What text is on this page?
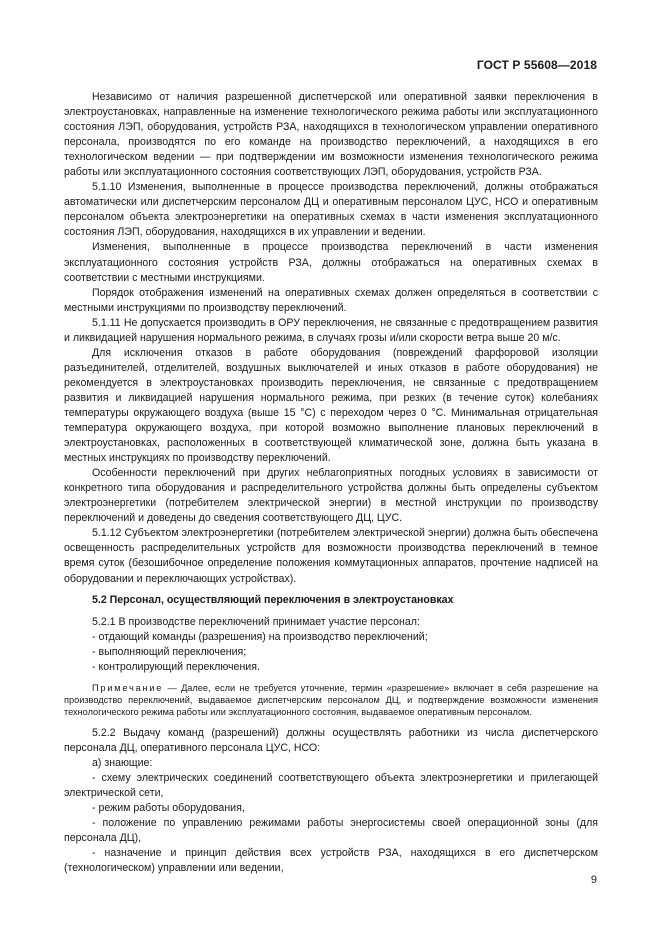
ГОСТ Р 55608—2018

Независимо от наличия разрешенной диспетчерской или оперативной заявки переключения в электроустановках, направленные на изменение технологического режима работы или эксплуатационного состояния ЛЭП, оборудования, устройств РЗА, находящихся в технологическом управлении оперативного персонала, производятся по его команде на производство переключений, а находящихся в его технологическом ведении — при подтверждении им возможности изменения технологического режима работы или эксплуатационного состояния соответствующих ЛЭП, оборудования, устройств РЗА.

5.1.10 Изменения, выполненные в процессе производства переключений, должны отображаться автоматически или диспетчерским персоналом ДЦ и оперативным персоналом ЦУС, НСО и оперативным персоналом объекта электроэнергетики на оперативных схемах в части изменения эксплуатационного состояния ЛЭП, оборудования, находящихся в их управлении и ведении.

Изменения, выполненные в процессе производства переключений в части изменения эксплуатационного состояния устройств РЗА, должны отображаться на оперативных схемах в соответствии с местными инструкциями.

Порядок отображения изменений на оперативных схемах должен определяться в соответствии с местными инструкциями по производству переключений.

5.1.11 Не допускается производить в ОРУ переключения, не связанные с предотвращением развития и ликвидацией нарушения нормального режима, в случаях грозы и/или скорости ветра выше 20 м/с.

Для исключения отказов в работе оборудования (повреждений фарфоровой изоляции разъединителей, отделителей, воздушных выключателей и иных отказов в работе оборудования) не рекомендуется в электроустановках производить переключения, не связанные с предотвращением развития и ликвидацией нарушения нормального режима, при резких (в течение суток) колебаниях температуры окружающего воздуха (выше 15 °С) с переходом через 0 °С. Минимальная отрицательная температура окружающего воздуха, при которой возможно выполнение плановых переключений в электроустановках, расположенных в соответствующей климатической зоне, должна быть указана в местных инструкциях по производству переключений.

Особенности переключений при других неблагоприятных погодных условиях в зависимости от конкретного типа оборудования и распределительного устройства должны быть определены субъектом электроэнергетики (потребителем электрической энергии) в местной инструкции по производству переключений и доведены до сведения соответствующего ДЦ, ЦУС.

5.1.12 Субъектом электроэнергетики (потребителем электрической энергии) должна быть обеспечена освещенность распределительных устройств для возможности производства переключений в темное время суток (безошибочное определение положения коммутационных аппаратов, прочтение надписей на оборудовании и переключающих устройствах).

5.2 Персонал, осуществляющий переключения в электроустановках

5.2.1 В производстве переключений принимает участие персонал:

- отдающий команды (разрешения) на производство переключений;

- выполняющий переключения;

- контролирующий переключения.

Примечание — Далее, если не требуется уточнение, термин «разрешение» включает в себя разрешение на производство переключений, выдаваемое диспетчерским персоналом ДЦ, и подтверждение возможности изменения технологического режима работы или эксплуатационного состояния, выдаваемое оперативным персоналом.

5.2.2 Выдачу команд (разрешений) должны осуществлять работники из числа диспетчерского персонала ДЦ, оперативного персонала ЦУС, НСО:

а) знающие:

- схему электрических соединений соответствующего объекта электроэнергетики и прилегающей электрической сети,

- режим работы оборудования,

- положение по управлению режимами работы энергосистемы своей операционной зоны (для персонала ДЦ),

- назначение и принцип действия всех устройств РЗА, находящихся в его диспетчерском (технологическом) управлении или ведении,

9
